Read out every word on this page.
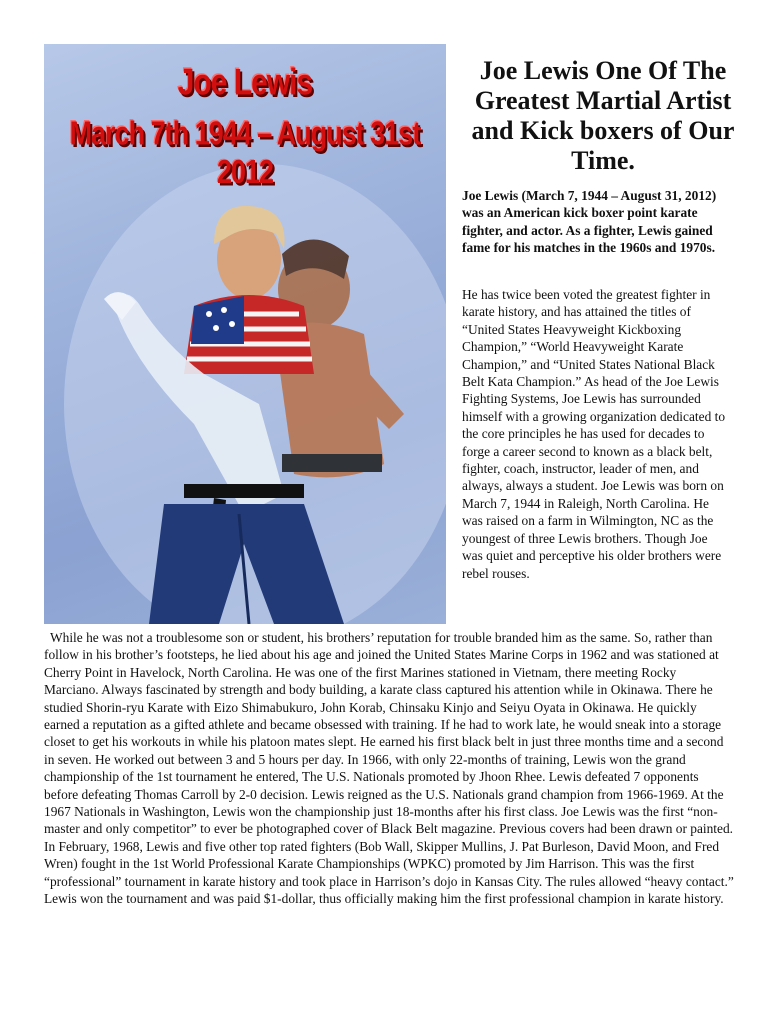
Joe Lewis
March 7th 1944 – August 31st 2012
Joe Lewis One Of The Greatest Martial Artist and Kick boxers of Our Time.

Joe Lewis (March 7, 1944 – August 31, 2012) was an American kick boxer point karate fighter, and actor. As a fighter, Lewis gained fame for his matches in the 1960s and 1970s.

He has twice been voted the greatest fighter in karate history, and has attained the titles of “United States Heavyweight Kickboxing Champion,” “World Heavyweight Karate Champion,” and “United States National Black Belt Kata Champion.” As head of the Joe Lewis Fighting Systems, Joe Lewis has surrounded himself with a growing organization dedicated to the core principles he has used for decades to forge a career second to known as a black belt, fighter, coach, instructor, leader of men, and always, always a student. Joe Lewis was born on March 7, 1944 in Raleigh, North Carolina. He was raised on a farm in Wilmington, NC as the youngest of three Lewis brothers. Though Joe was quiet and perceptive his older brothers were rebel rouses.

While he was not a troublesome son or student, his brothers’ reputation for trouble branded him as the same. So, rather than follow in his brother’s footsteps, he lied about his age and joined the United States Marine Corps in 1962 and was stationed at Cherry Point in Havelock, North Carolina. He was one of the first Marines stationed in Vietnam, there meeting Rocky Marciano. Always fascinated by strength and body building, a karate class captured his attention while in Okinawa. There he studied Shorin-ryu Karate with Eizo Shimabukuro, John Korab, Chinsaku Kinjo and Seiyu Oyata in Okinawa. He quickly earned a reputation as a gifted athlete and became obsessed with training. If he had to work late, he would sneak into a storage closet to get his workouts in while his platoon mates slept. He earned his first black belt in just three months time and a second in seven. He worked out between 3 and 5 hours per day. In 1966, with only 22-months of training, Lewis won the grand championship of the 1st tournament he entered, The U.S. Nationals promoted by Jhoon Rhee. Lewis defeated 7 opponents before defeating Thomas Carroll by 2-0 decision. Lewis reigned as the U.S. Nationals grand champion from 1966-1969. At the 1967 Nationals in Washington, Lewis won the championship just 18-months after his first class. Joe Lewis was the first “non-master and only competitor” to ever be photographed cover of Black Belt magazine. Previous covers had been drawn or painted. In February, 1968, Lewis and five other top rated fighters (Bob Wall, Skipper Mullins, J. Pat Burleson, David Moon, and Fred Wren) fought in the 1st World Professional Karate Championships (WPKC) promoted by Jim Harrison. This was the first “professional” tournament in karate history and took place in Harrison’s dojo in Kansas City. The rules allowed “heavy contact.” Lewis won the tournament and was paid $1-dollar, thus officially making him the first professional champion in karate history.
